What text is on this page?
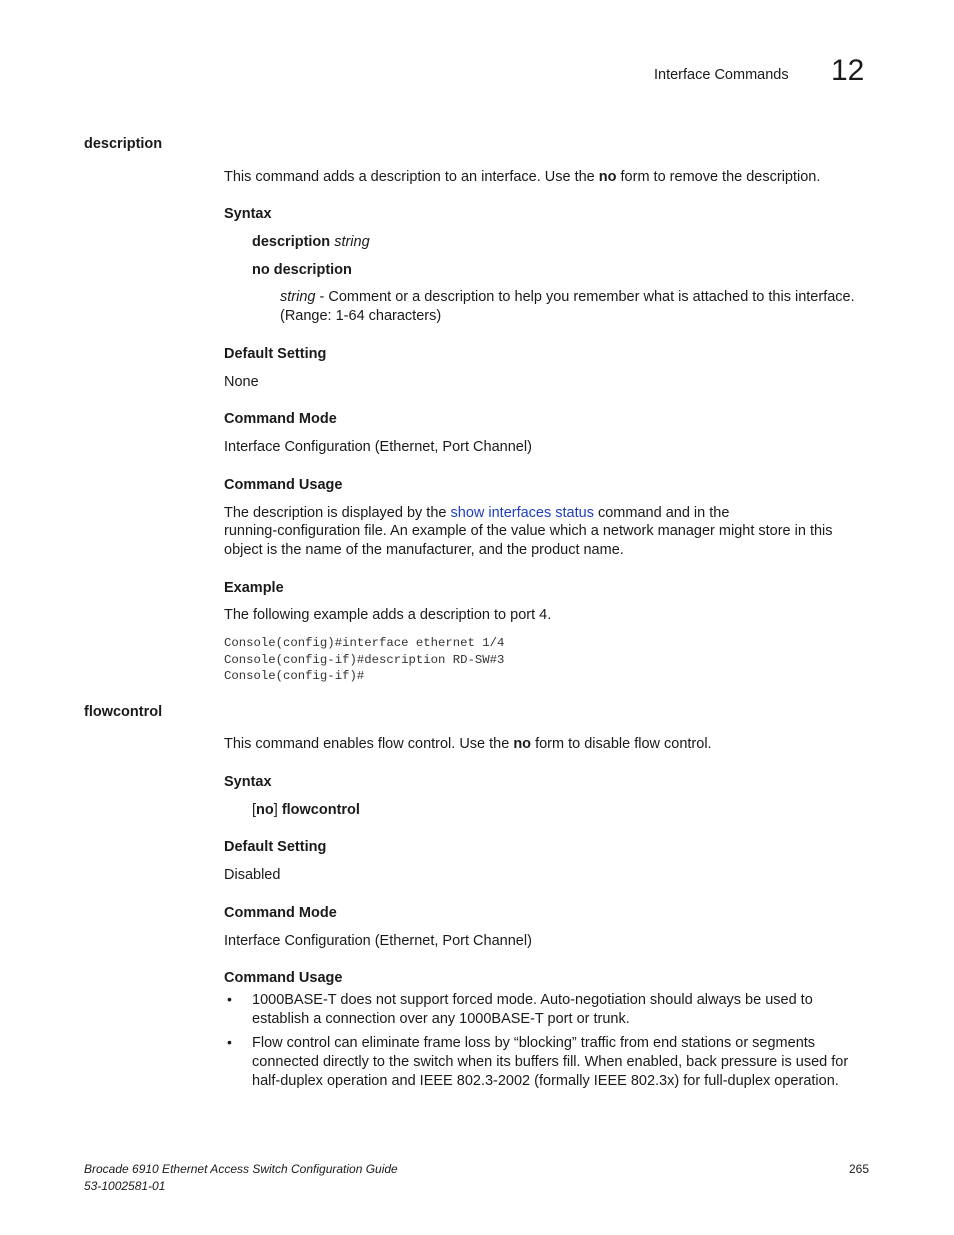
Interface Commands 12
description
This command adds a description to an interface. Use the no form to remove the description.
Syntax
description string
no description
string - Comment or a description to help you remember what is attached to this interface.
(Range: 1-64 characters)
Default Setting
None
Command Mode
Interface Configuration (Ethernet, Port Channel)
Command Usage
The description is displayed by the show interfaces status command and in the
running-configuration file. An example of the value which a network manager might store in this
object is the name of the manufacturer, and the product name.
Example
The following example adds a description to port 4.
Console(config)#interface ethernet 1/4
Console(config-if)#description RD-SW#3
Console(config-if)#
flowcontrol
This command enables flow control. Use the no form to disable flow control.
Syntax
[no] flowcontrol
Default Setting
Disabled
Command Mode
Interface Configuration (Ethernet, Port Channel)
Command Usage
• 1000BASE-T does not support forced mode. Auto-negotiation should always be used to
establish a connection over any 1000BASE-T port or trunk.
• Flow control can eliminate frame loss by “blocking” traffic from end stations or segments
connected directly to the switch when its buffers fill. When enabled, back pressure is used for
half-duplex operation and IEEE 802.3-2002 (formally IEEE 802.3x) for full-duplex operation.
Brocade 6910 Ethernet Access Switch Configuration Guide
53-1002581-01
265
